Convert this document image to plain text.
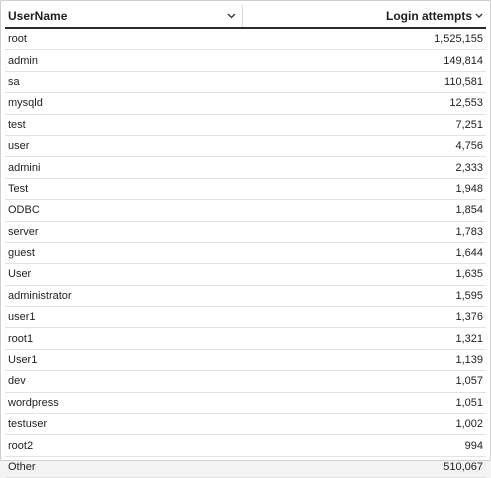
UserName	Login attempts
root	1,525,155
admin	149,814
sa	110,581
mysqld	12,553
test	7,251
user	4,756
admini	2,333
Test	1,948
ODBC	1,854
server	1,783
guest	1,644
User	1,635
administrator	1,595
user1	1,376
root1	1,321
User1	1,139
dev	1,057
wordpress	1,051
testuser	1,002
root2	994
Other	510,067
